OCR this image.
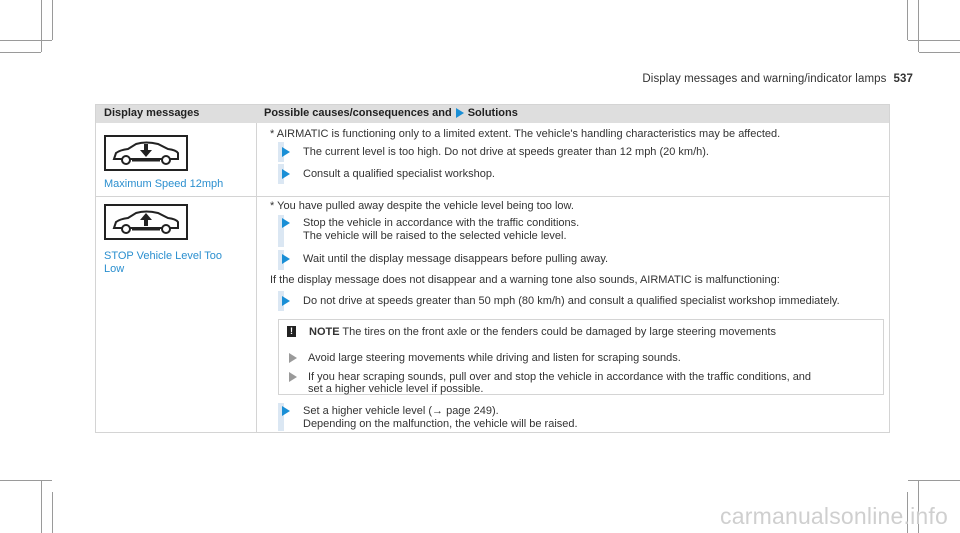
Display messages and warning/indicator lamps 537
Display messages	Possible causes/consequences and Solutions
Maximum Speed 12mph
* AIRMATIC is functioning only to a limited extent. The vehicle's handling characteristics may be affected.
The current level is too high. Do not drive at speeds greater than 12 mph (20 km/h).
Consult a qualified specialist workshop.
STOP Vehicle Level Too
Low
* You have pulled away despite the vehicle level being too low.
Stop the vehicle in accordance with the traffic conditions.
The vehicle will be raised to the selected vehicle level.
Wait until the display message disappears before pulling away.
If the display message does not disappear and a warning tone also sounds, AIRMATIC is malfunctioning:
Do not drive at speeds greater than 50 mph (80 km/h) and consult a qualified specialist workshop immediately.
! NOTE The tires on the front axle or the fenders could be damaged by large steering movements
Avoid large steering movements while driving and listen for scraping sounds.
If you hear scraping sounds, pull over and stop the vehicle in accordance with the traffic conditions, and
set a higher vehicle level if possible.
Set a higher vehicle level (→ page 249).
Depending on the malfunction, the vehicle will be raised.
carmanualsonline.info
